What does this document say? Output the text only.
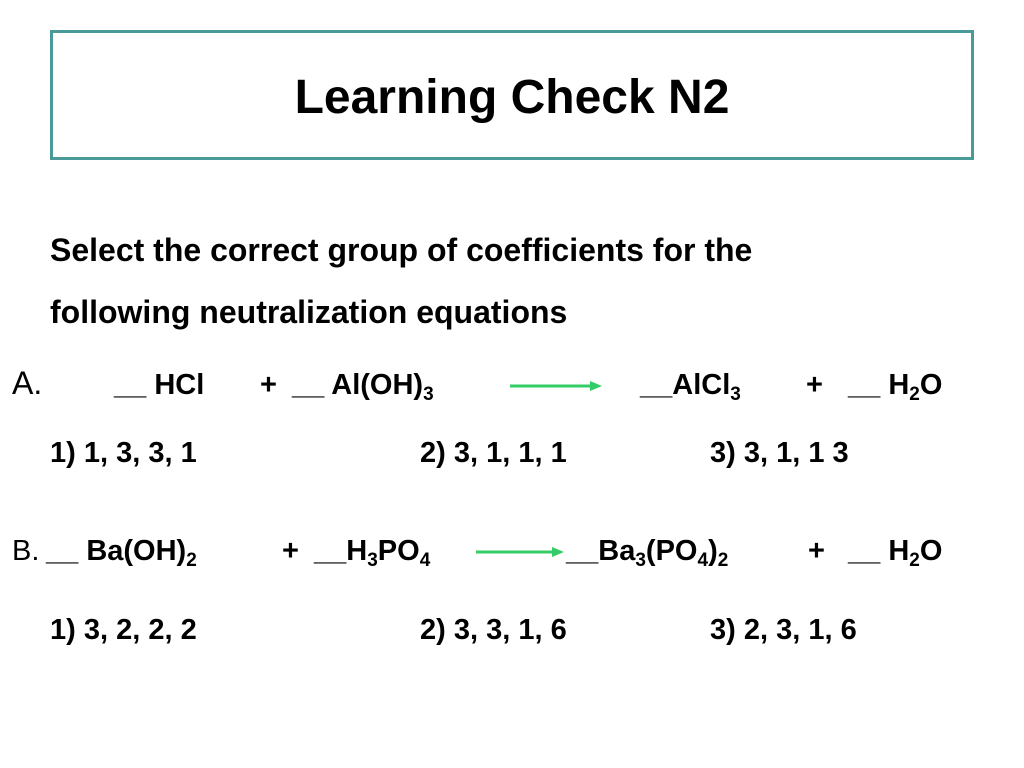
Learning Check N2
Select the correct group of coefficients for the
following neutralization equations
A. __ HCl + __ $Al(OH)_3$	__AlCl$_3$ + __ $H_2O$
1) 1, 3, 3, 1	2) 3, 1, 1, 1	3) 3, 1, 1 3
B. __ $Ba(OH)_2$	+ $\_\_H_3PO_4$	$\_\_Ba_3(PO_4)_2$	+ __ $H_2O$
1) 3, 2, 2, 2	2) 3, 3, 1, 6	3) 2, 3, 1, 6
